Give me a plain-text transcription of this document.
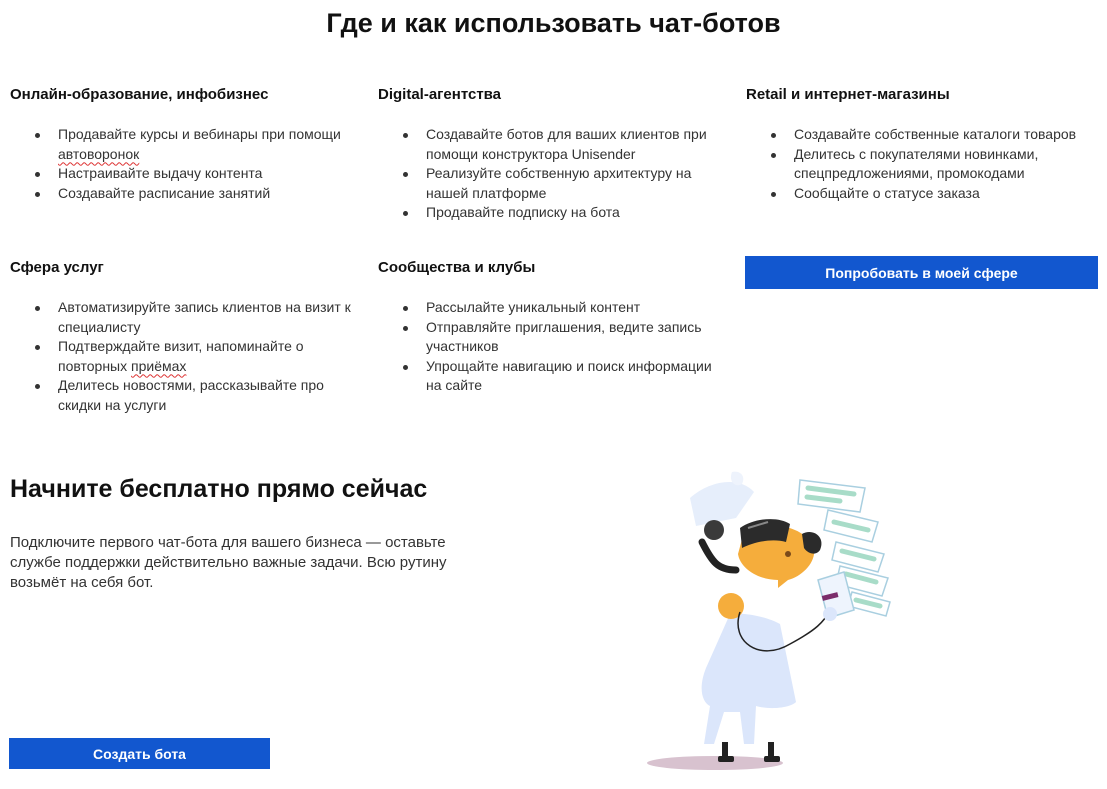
Где и как использовать чат-ботов
Онлайн-образование, инфобизнес
Продавайте курсы и вебинары при помощи автоворонок
Настраивайте выдачу контента
Создавайте расписание занятий
Digital-агентства
Создавайте ботов для ваших клиентов при помощи конструктора Unisender
Реализуйте собственную архитектуру на нашей платформе
Продавайте подписку на бота
Retail и интернет-магазины
Создавайте собственные каталоги товаров
Делитесь с покупателями новинками, спецпредложениями, промокодами
Сообщайте о статусе заказа
Сфера услуг
Автоматизируйте запись клиентов на визит к специалисту
Подтверждайте визит, напоминайте о повторных приёмах
Делитесь новостями, рассказывайте про скидки на услуги
Сообщества и клубы
Рассылайте уникальный контент
Отправляйте приглашения, ведите запись участников
Упрощайте навигацию и поиск информации на сайте
Попробовать в моей сфере
Начните бесплатно прямо сейчас

Подключите первого чат-бота для вашего бизнеса — оставьте службе поддержки действительно важные задачи. Всю рутину возьмёт на себя бот.

Создать бота
